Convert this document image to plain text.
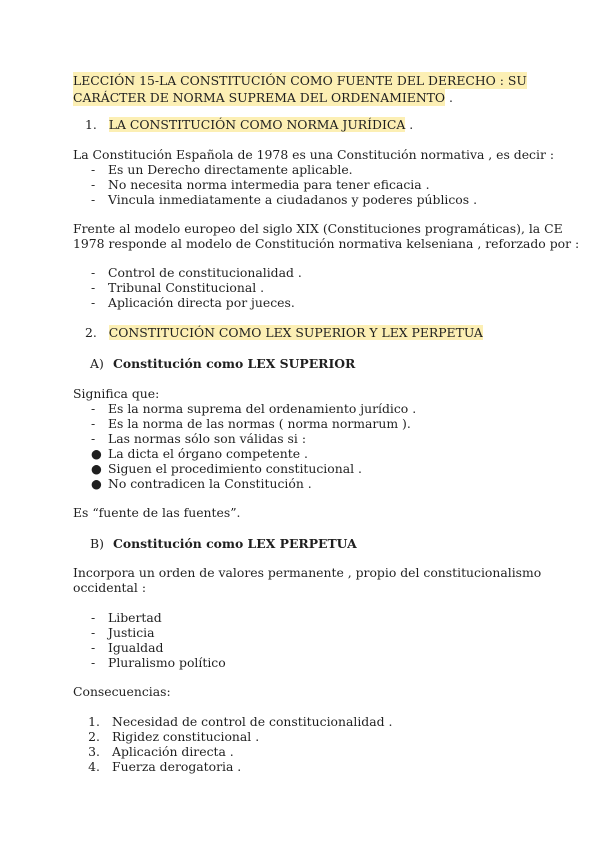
LECCIÓN 15-LA CONSTITUCIÓN COMO FUENTE DEL DERECHO : SU
CARÁCTER DE NORMA SUPREMA DEL ORDENAMIENTO .
1. LA CONSTITUCIÓN COMO NORMA JURÍDICA .
La Constitución Española de 1978 es una Constitución normativa , es decir :
-	Es un Derecho directamente aplicable.
-	No necesita norma intermedia para tener eficacia .
-	Vincula inmediatamente a ciudadanos y poderes públicos .
Frente al modelo europeo del siglo XIX (Constituciones programáticas), la CE
1978 responde al modelo de Constitución normativa kelseniana , reforzado por :
-	Control de constitucionalidad .
-	Tribunal Constitucional .
-	Aplicación directa por jueces.
2. CONSTITUCIÓN COMO LEX SUPERIOR Y LEX PERPETUA
A) Constitución como LEX SUPERIOR
Significa que:
-	Es la norma suprema del ordenamiento jurídico .
-	Es la norma de las normas ( norma normarum ).
-	Las normas sólo son válidas si :
● La dicta el órgano competente .
● Siguen el procedimiento constitucional .
● No contradicen la Constitución .
Es “fuente de las fuentes”.
B) Constitución como LEX PERPETUA
Incorpora un orden de valores permanente , propio del constitucionalismo
occidental :
-	Libertad
-	Justicia
-	Igualdad
-	Pluralismo político
Consecuencias:
1. Necesidad de control de constitucionalidad .
2. Rigidez constitucional .
3. Aplicación directa .
4. Fuerza derogatoria .
